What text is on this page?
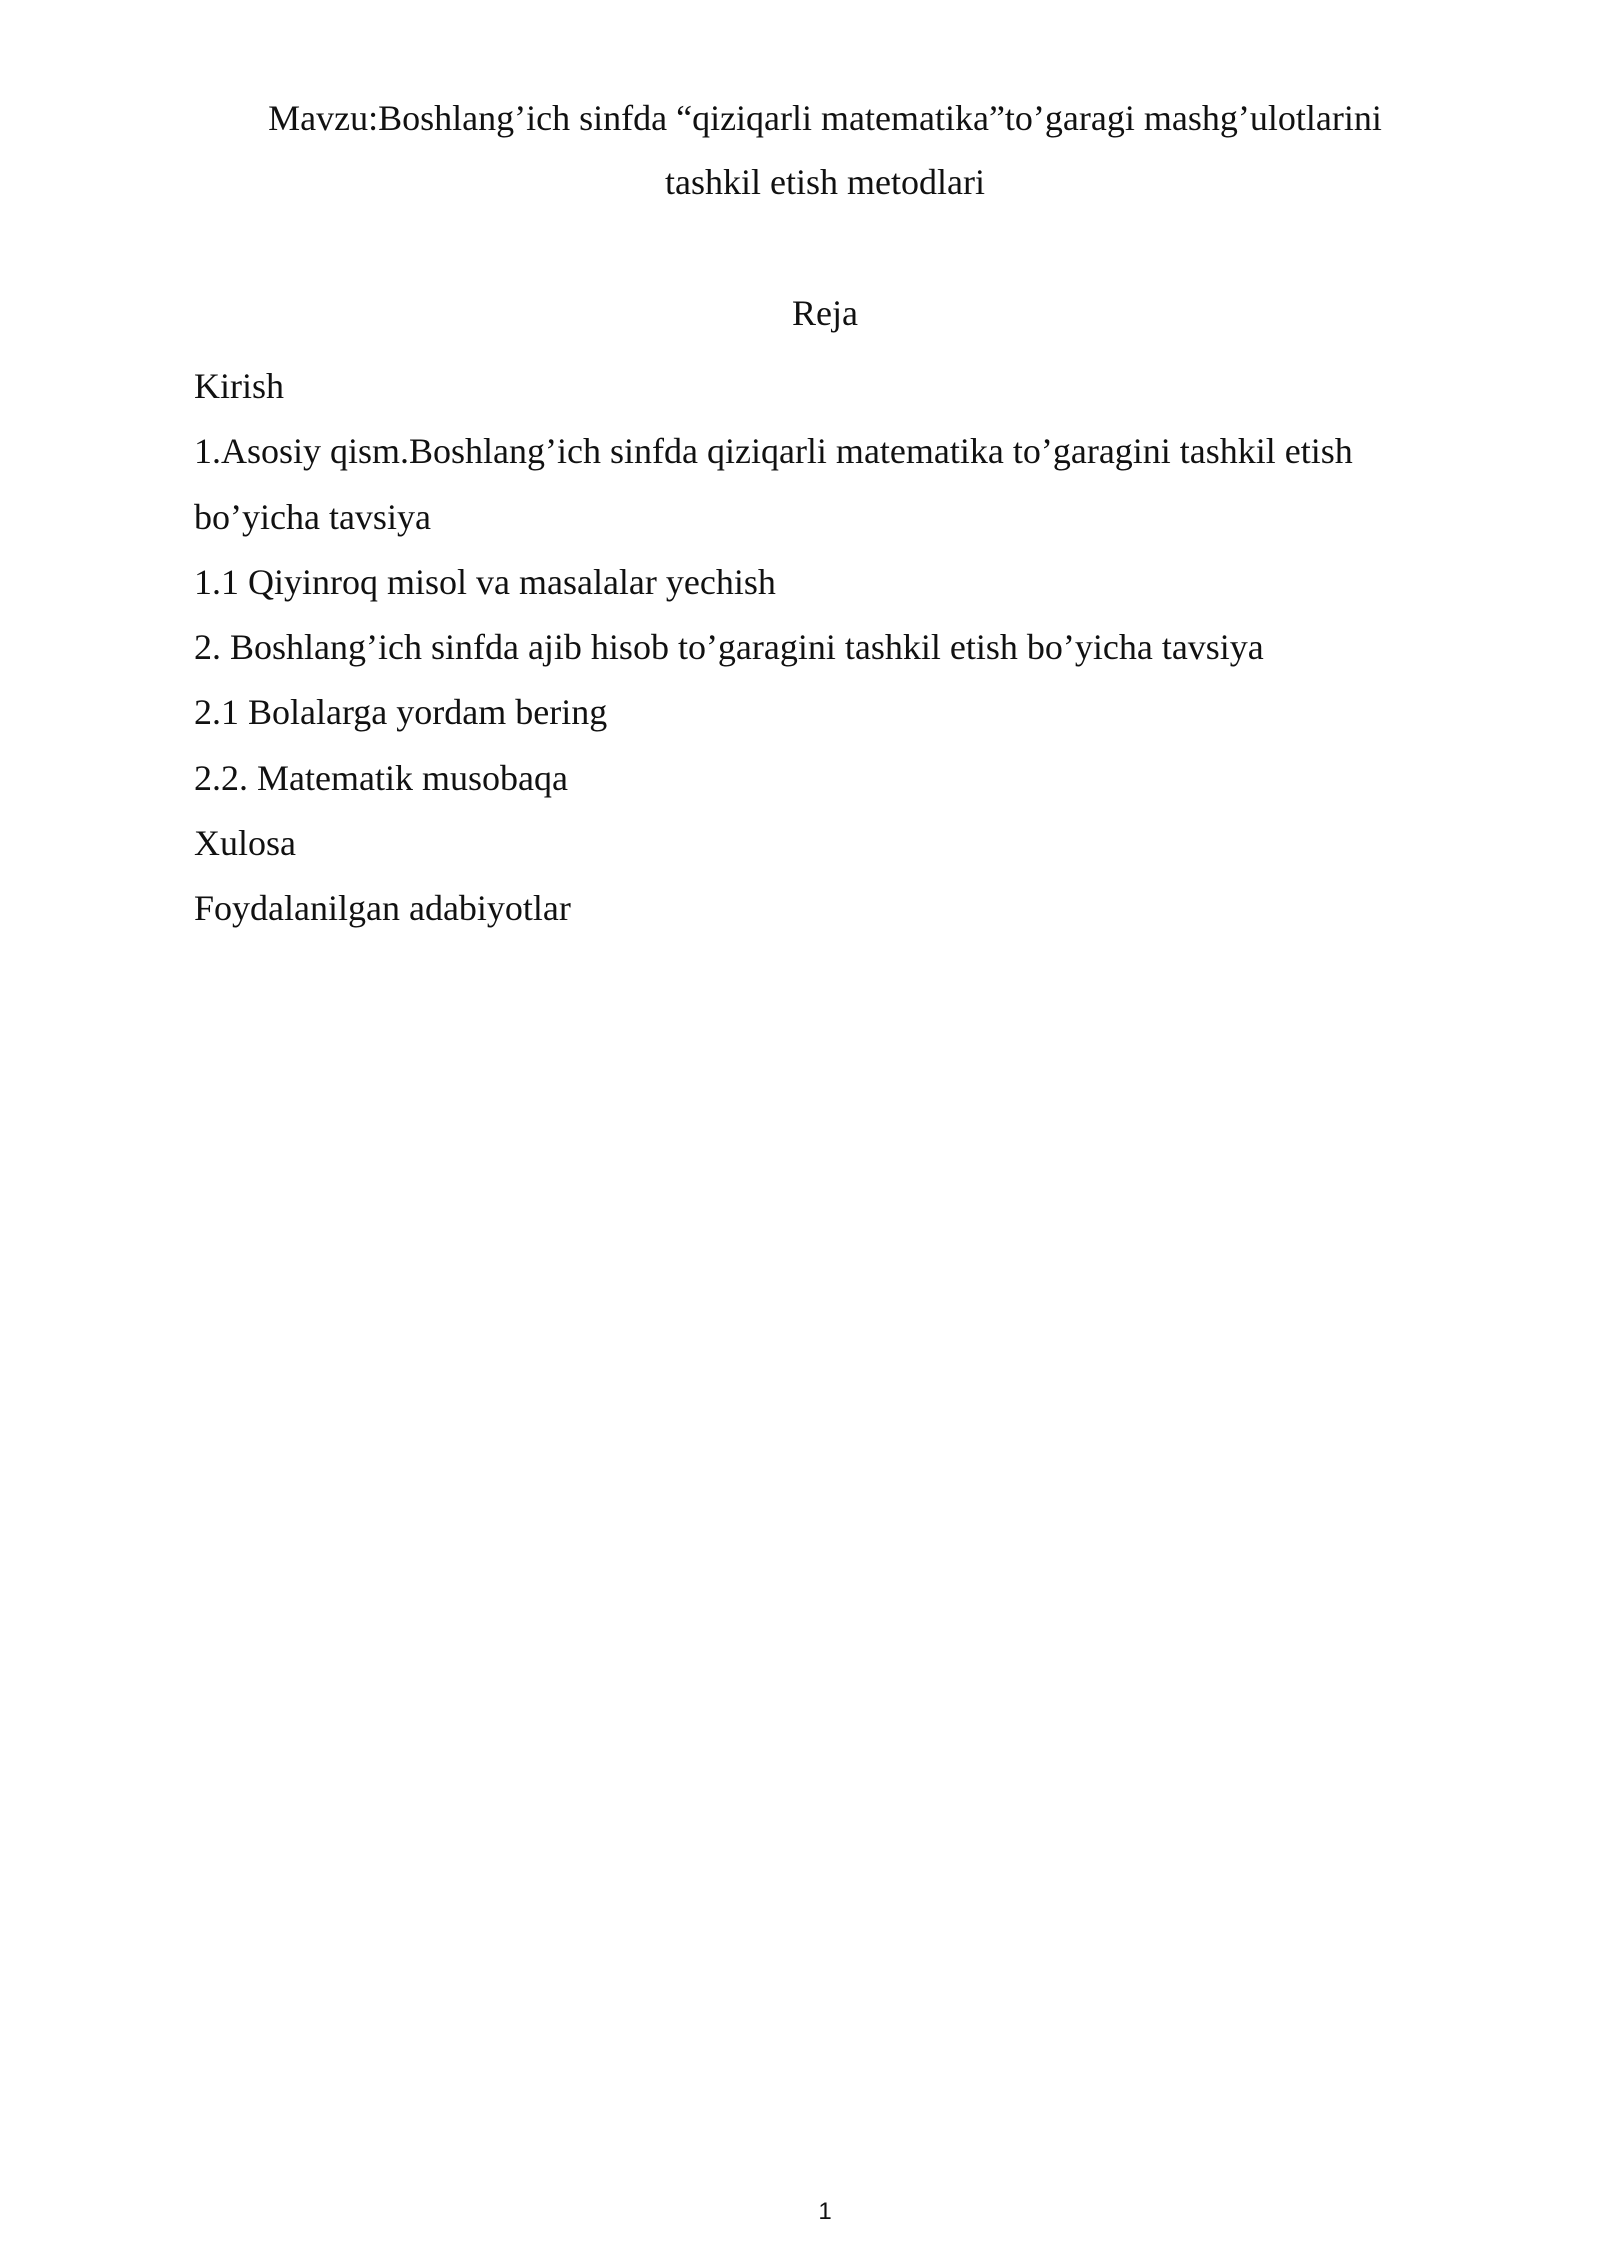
Mavzu:Boshlang’ich sinfda “qiziqarli matematika”to’garagi mashg’ulotlarini
tashkil etish metodlari
Reja
Kirish
1.Asosiy qism.Boshlang’ich sinfda qiziqarli matematika to’garagini tashkil etish
bo’yicha tavsiya
1.1 Qiyinroq misol va masalalar yechish
2. Boshlang’ich sinfda ajib hisob to’garagini tashkil etish bo’yicha tavsiya
2.1 Bolalarga yordam bering
2.2. Matematik musobaqa
Xulosa
Foydalanilgan adabiyotlar
1
